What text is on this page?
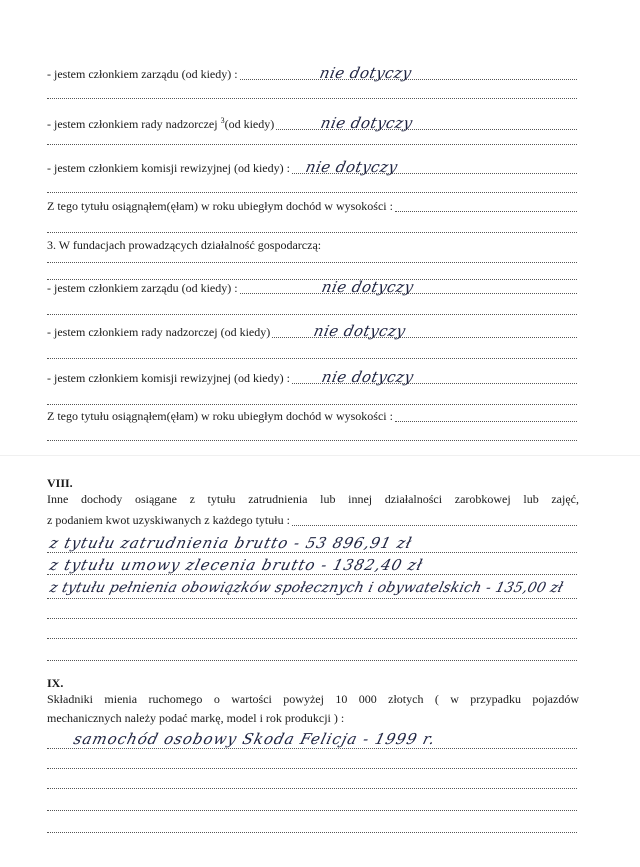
- jestem członkiem zarządu (od kiedy) :	nie dotyczy
- jestem członkiem rady nadzorczej $^3$(od kiedy)	nie dotyczy
- jestem członkiem komisji rewizyjnej (od kiedy) : nie dotyczy
Z tego tytułu osiągnąłem(ęłam) w roku ubiegłym dochód w wysokości :
3. W fundacjach prowadzących działalność gospodarczą:
- jestem członkiem zarządu (od kiedy) :	nie dotyczy
- jestem członkiem rady nadzorczej (od kiedy)	nie dotyczy
- jestem członkiem komisji rewizyjnej (od kiedy) : nie dotyczy
Z tego tytułu osiągnąłem(ęłam) w roku ubiegłym dochód w wysokości :
VIII.
Inne dochody osiągane z tytułu zatrudnienia lub innej działalności zarobkowej lub zajęć,
z podaniem kwot uzyskiwanych z każdego tytułu :
z tytułu zatrudnienia brutto - 53 896,91 zł
z tytułu umowy zlecenia brutto - 1382,40 zł
z tytułu pełnienia obowiązków społecznych i obywatelskich - 135,00 zł
IX.
Składniki mienia ruchomego o wartości powyżej 10 000 złotych ( w przypadku pojazdów
mechanicznych należy podać markę, model i rok produkcji ) :
samochód osobowy Skoda Felicja - 1999 r.
